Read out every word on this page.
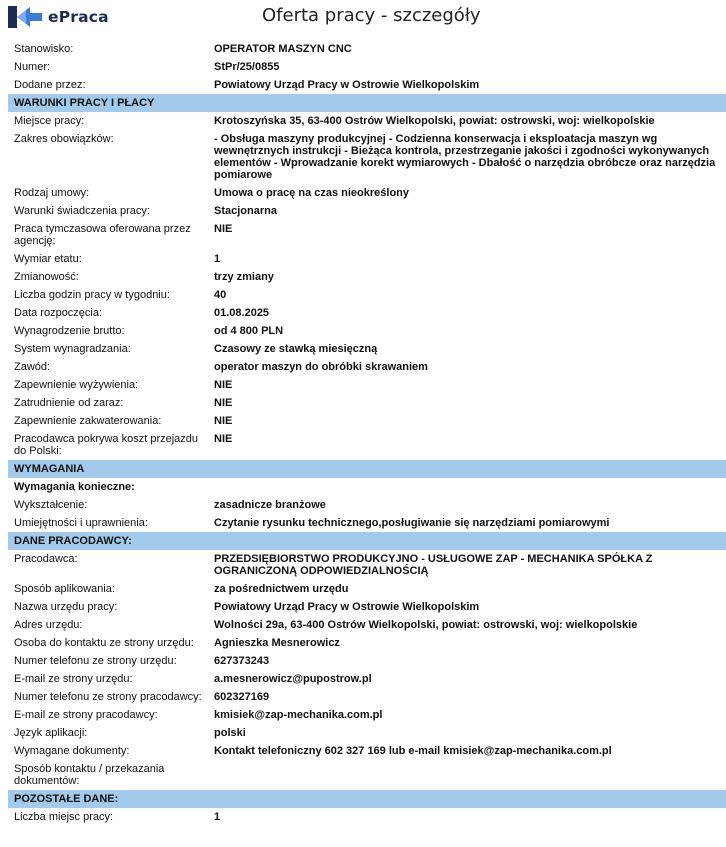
ePraca	Oferta pracy - szczegóły
Stanowisko:	OPERATOR MASZYN CNC
Numer:	StPr/25/0855
Dodane przez:	Powiatowy Urząd Pracy w Ostrowie Wielkopolskim
WARUNKI PRACY I PŁACY
Miejsce pracy:	Krotoszyńska 35, 63-400 Ostrów Wielkopolski, powiat: ostrowski, woj: wielkopolskie
Zakres obowiązków:	- Obsługa maszyny produkcyjnej - Codzienna konserwacja i eksploatacja maszyn wg wewnętrznych instrukcji - Bieżąca kontrola, przestrzeganie jakości i zgodności wykonywanych elementów - Wprowadzanie korekt wymiarowych - Dbałość o narzędzia obróbcze oraz narzędzia pomiarowe
Rodzaj umowy:	Umowa o pracę na czas nieokreślony
Warunki świadczenia pracy:	Stacjonarna
Praca tymczasowa oferowana przez agencję:
NIE
Wymiar etatu:	1
Zmianowość:	trzy zmiany
Liczba godzin pracy w tygodniu:	40
Data rozpoczęcia:	01.08.2025
Wynagrodzenie brutto:	od 4 800 PLN
System wynagradzania:	Czasowy ze stawką miesięczną
Zawód:	operator maszyn do obróbki skrawaniem
Zapewnienie wyżywienia:	NIE
Zatrudnienie od zaraz:	NIE
Zapewnienie zakwaterowania:	NIE
Pracodawca pokrywa koszt przejazdu do Polski:
NIE
WYMAGANIA
Wymagania konieczne:
Wykształcenie:	zasadnicze branżowe
Umiejętności i uprawnienia:	Czytanie rysunku technicznego,posługiwanie się narzędziami pomiarowymi
DANE PRACODAWCY:
Pracodawca:	PRZEDSIĘBIORSTWO PRODUKCYJNO - USŁUGOWE ZAP - MECHANIKA SPÓŁKA Z OGRANICZONĄ ODPOWIEDZIALNOŚCIĄ
Sposób aplikowania:	za pośrednictwem urzędu
Nazwa urzędu pracy:	Powiatowy Urząd Pracy w Ostrowie Wielkopolskim
Adres urzędu:	Wolności 29a, 63-400 Ostrów Wielkopolski, powiat: ostrowski, woj: wielkopolskie
Osoba do kontaktu ze strony urzędu:	Agnieszka Mesnerowicz
Numer telefonu ze strony urzędu:	627373243
E-mail ze strony urzędu:	a.mesnerowicz@pupostrow.pl
Numer telefonu ze strony pracodawcy:	602327169
E-mail ze strony pracodawcy:	kmisiek@zap-mechanika.com.pl
Język aplikacji:	polski
Wymagane dokumenty:	Kontakt telefoniczny 602 327 169 lub e-mail kmisiek@zap-mechanika.com.pl
Sposób kontaktu / przekazania dokumentów:
POZOSTAŁE DANE:
Liczba miejsc pracy:	1
